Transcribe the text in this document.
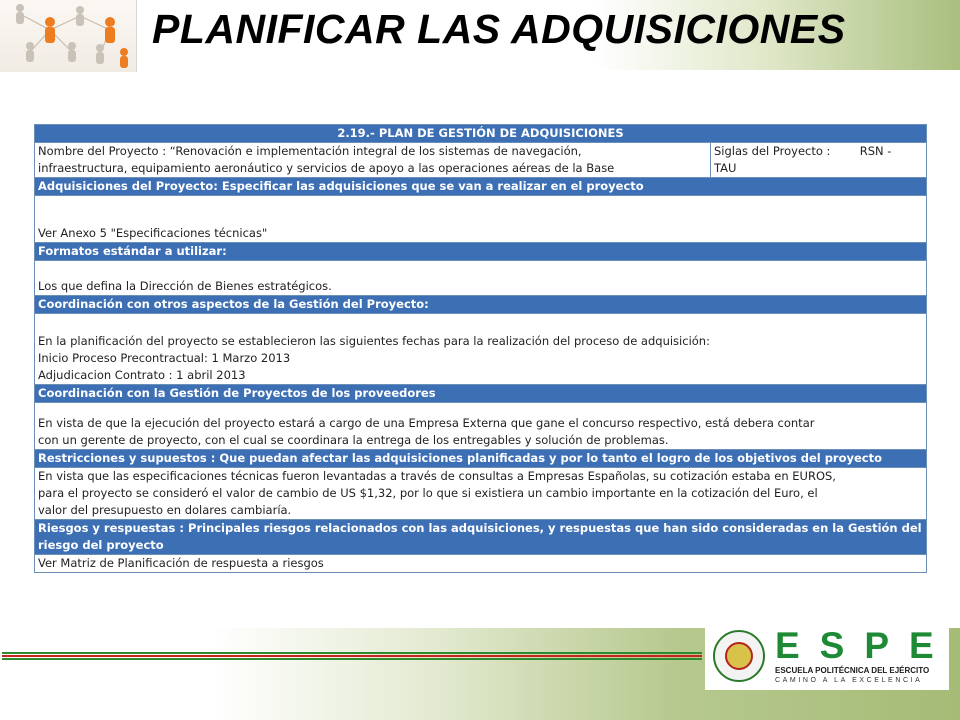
PLANIFICAR LAS ADQUISICIONES
2.19.- PLAN DE GESTIÓN DE ADQUISICIONES

Nombre del Proyecto : “Renovación e implementación integral de los sistemas de navegación,
infraestructura, equipamiento aeronáutico y servicios de apoyo a las operaciones aéreas de la Base

Siglas del Proyecto :	RSN -
TAU

Adquisiciones del Proyecto: Especificar las adquisiciones que se van a realizar en el proyecto

Ver Anexo 5 "Especificaciones técnicas"

Formatos estándar a utilizar:

Los que defina la Dirección de Bienes estratégicos.

Coordinación con otros aspectos de la Gestión del Proyecto:

En la planificación del proyecto se establecieron las siguientes fechas para la realización del proceso de adquisición:
Inicio Proceso Precontractual: 1 Marzo 2013
Adjudicacion Contrato : 1 abril 2013

Coordinación con la Gestión de Proyectos de los proveedores

En vista de que la ejecución del proyecto estará a cargo de una Empresa Externa que gane el concurso respectivo, está debera contar
con un gerente de proyecto, con el cual se coordinara la entrega de los entregables y solución de problemas.

Restricciones y supuestos : Que puedan afectar las adquisiciones planificadas y por lo tanto el logro de los objetivos del proyecto

En vista que las especificaciones técnicas fueron levantadas a través de consultas a Empresas Españolas, su cotización estaba en EUROS,
para el proyecto se consideró el valor de cambio de US $1,32, por lo que si existiera un cambio importante en la cotización del Euro, el
valor del presupuesto en dolares cambiaría.

Riesgos y respuestas : Principales riesgos relacionados con las adquisiciones, y respuestas que han sido consideradas en la Gestión del
riesgo del proyecto

Ver Matriz de Planificación de respuesta a riesgos
ESPE
ESCUELA POLITÉCNICA DEL EJÉRCITO
CAMINO A LA EXCELENCIA
